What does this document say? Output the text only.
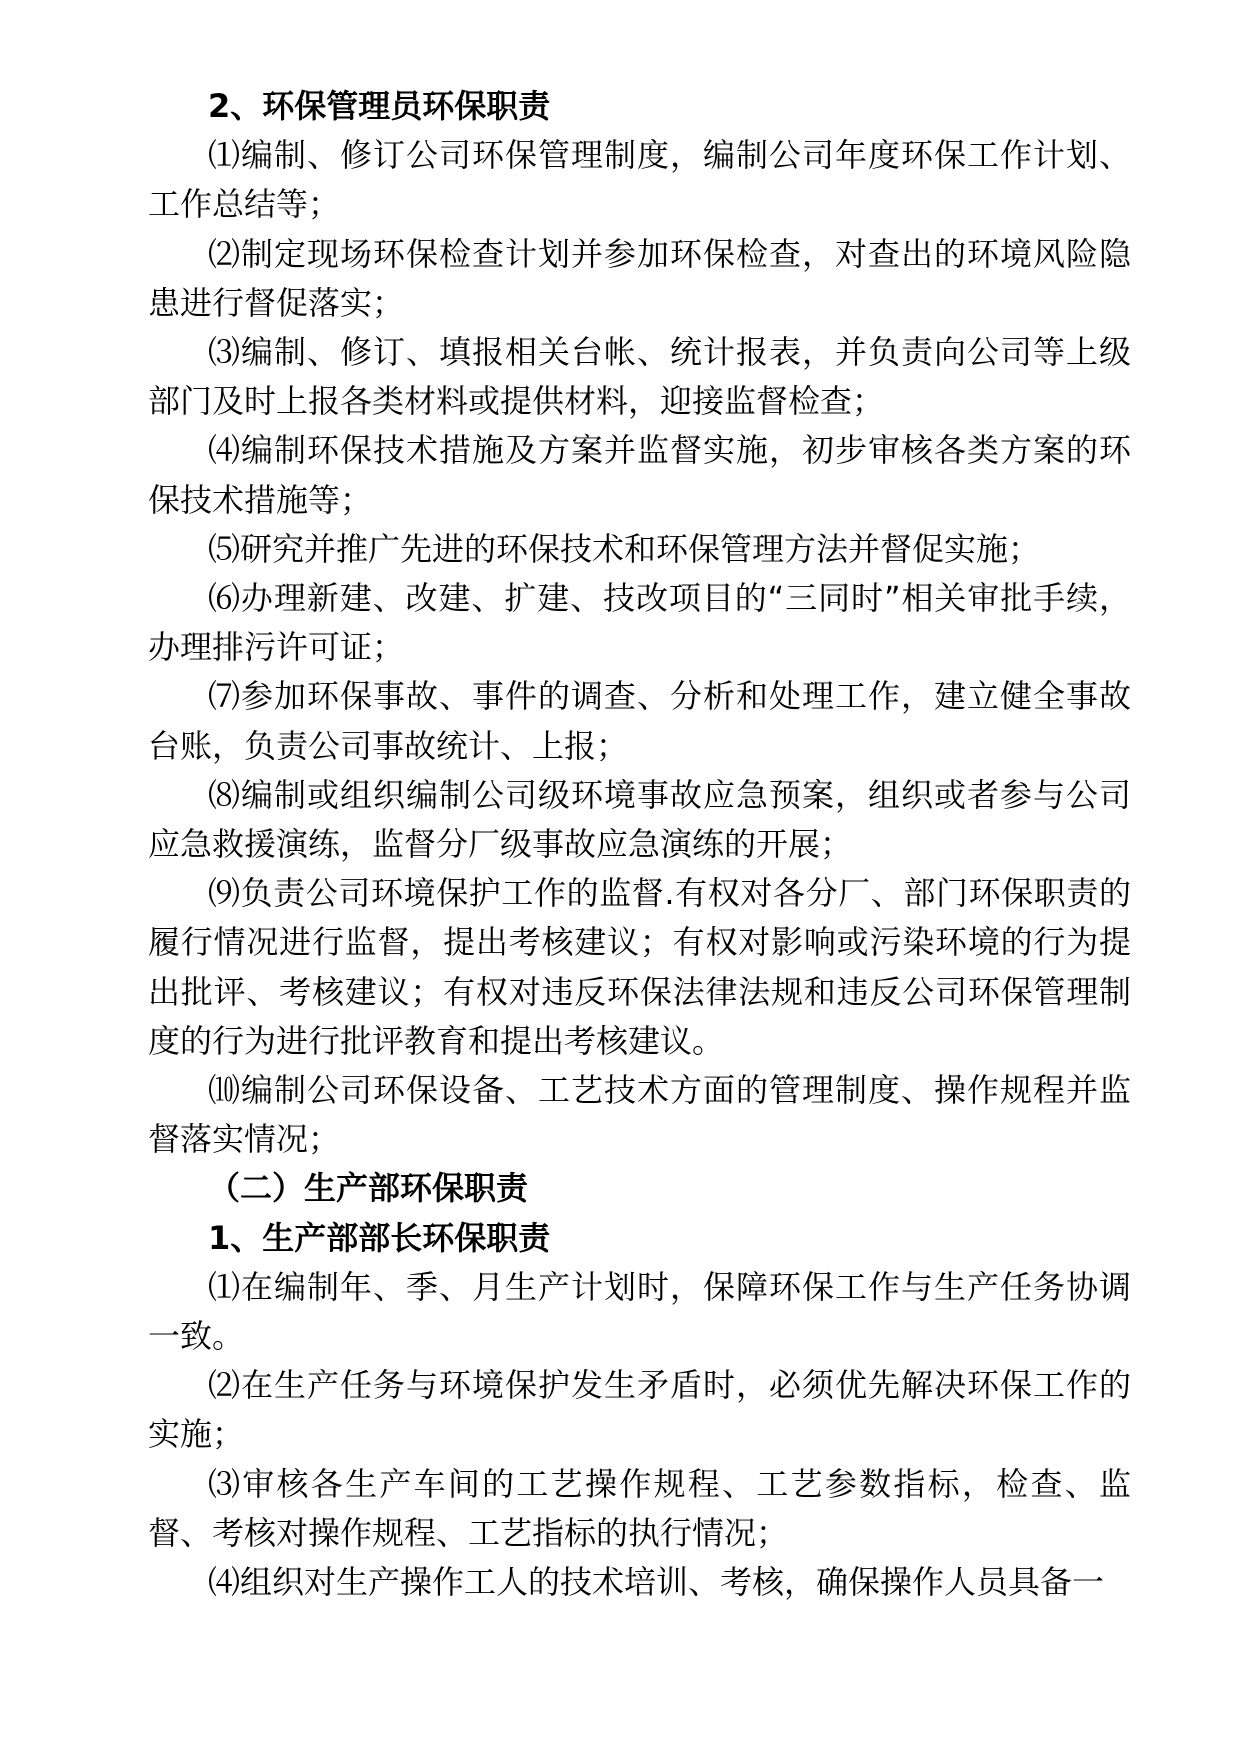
2、环保管理员环保职责

⑴编制、修订公司环保管理制度，编制公司年度环保工作计划、工作总结等；

⑵制定现场环保检查计划并参加环保检查，对查出的环境风险隐患进行督促落实；

⑶编制、修订、填报相关台帐、统计报表，并负责向公司等上级部门及时上报各类材料或提供材料，迎接监督检查；

⑷编制环保技术措施及方案并监督实施，初步审核各类方案的环保技术措施等；

⑸研究并推广先进的环保技术和环保管理方法并督促实施；

⑹办理新建、改建、扩建、技改项目的“三同时”相关审批手续，办理排污许可证；

⑺参加环保事故、事件的调查、分析和处理工作，建立健全事故台账，负责公司事故统计、上报；

⑻编制或组织编制公司级环境事故应急预案，组织或者参与公司应急救援演练，监督分厂级事故应急演练的开展；

⑼负责公司环境保护工作的监督.有权对各分厂、部门环保职责的履行情况进行监督，提出考核建议；有权对影响或污染环境的行为提出批评、考核建议；有权对违反环保法律法规和违反公司环保管理制度的行为进行批评教育和提出考核建议。

⑽编制公司环保设备、工艺技术方面的管理制度、操作规程并监督落实情况；

（二）生产部环保职责

1、生产部部长环保职责

⑴在编制年、季、月生产计划时，保障环保工作与生产任务协调一致。

⑵在生产任务与环境保护发生矛盾时，必须优先解决环保工作的实施；

⑶审核各生产车间的工艺操作规程、工艺参数指标，检查、监督、考核对操作规程、工艺指标的执行情况；

⑷组织对生产操作工人的技术培训、考核，确保操作人员具备一
